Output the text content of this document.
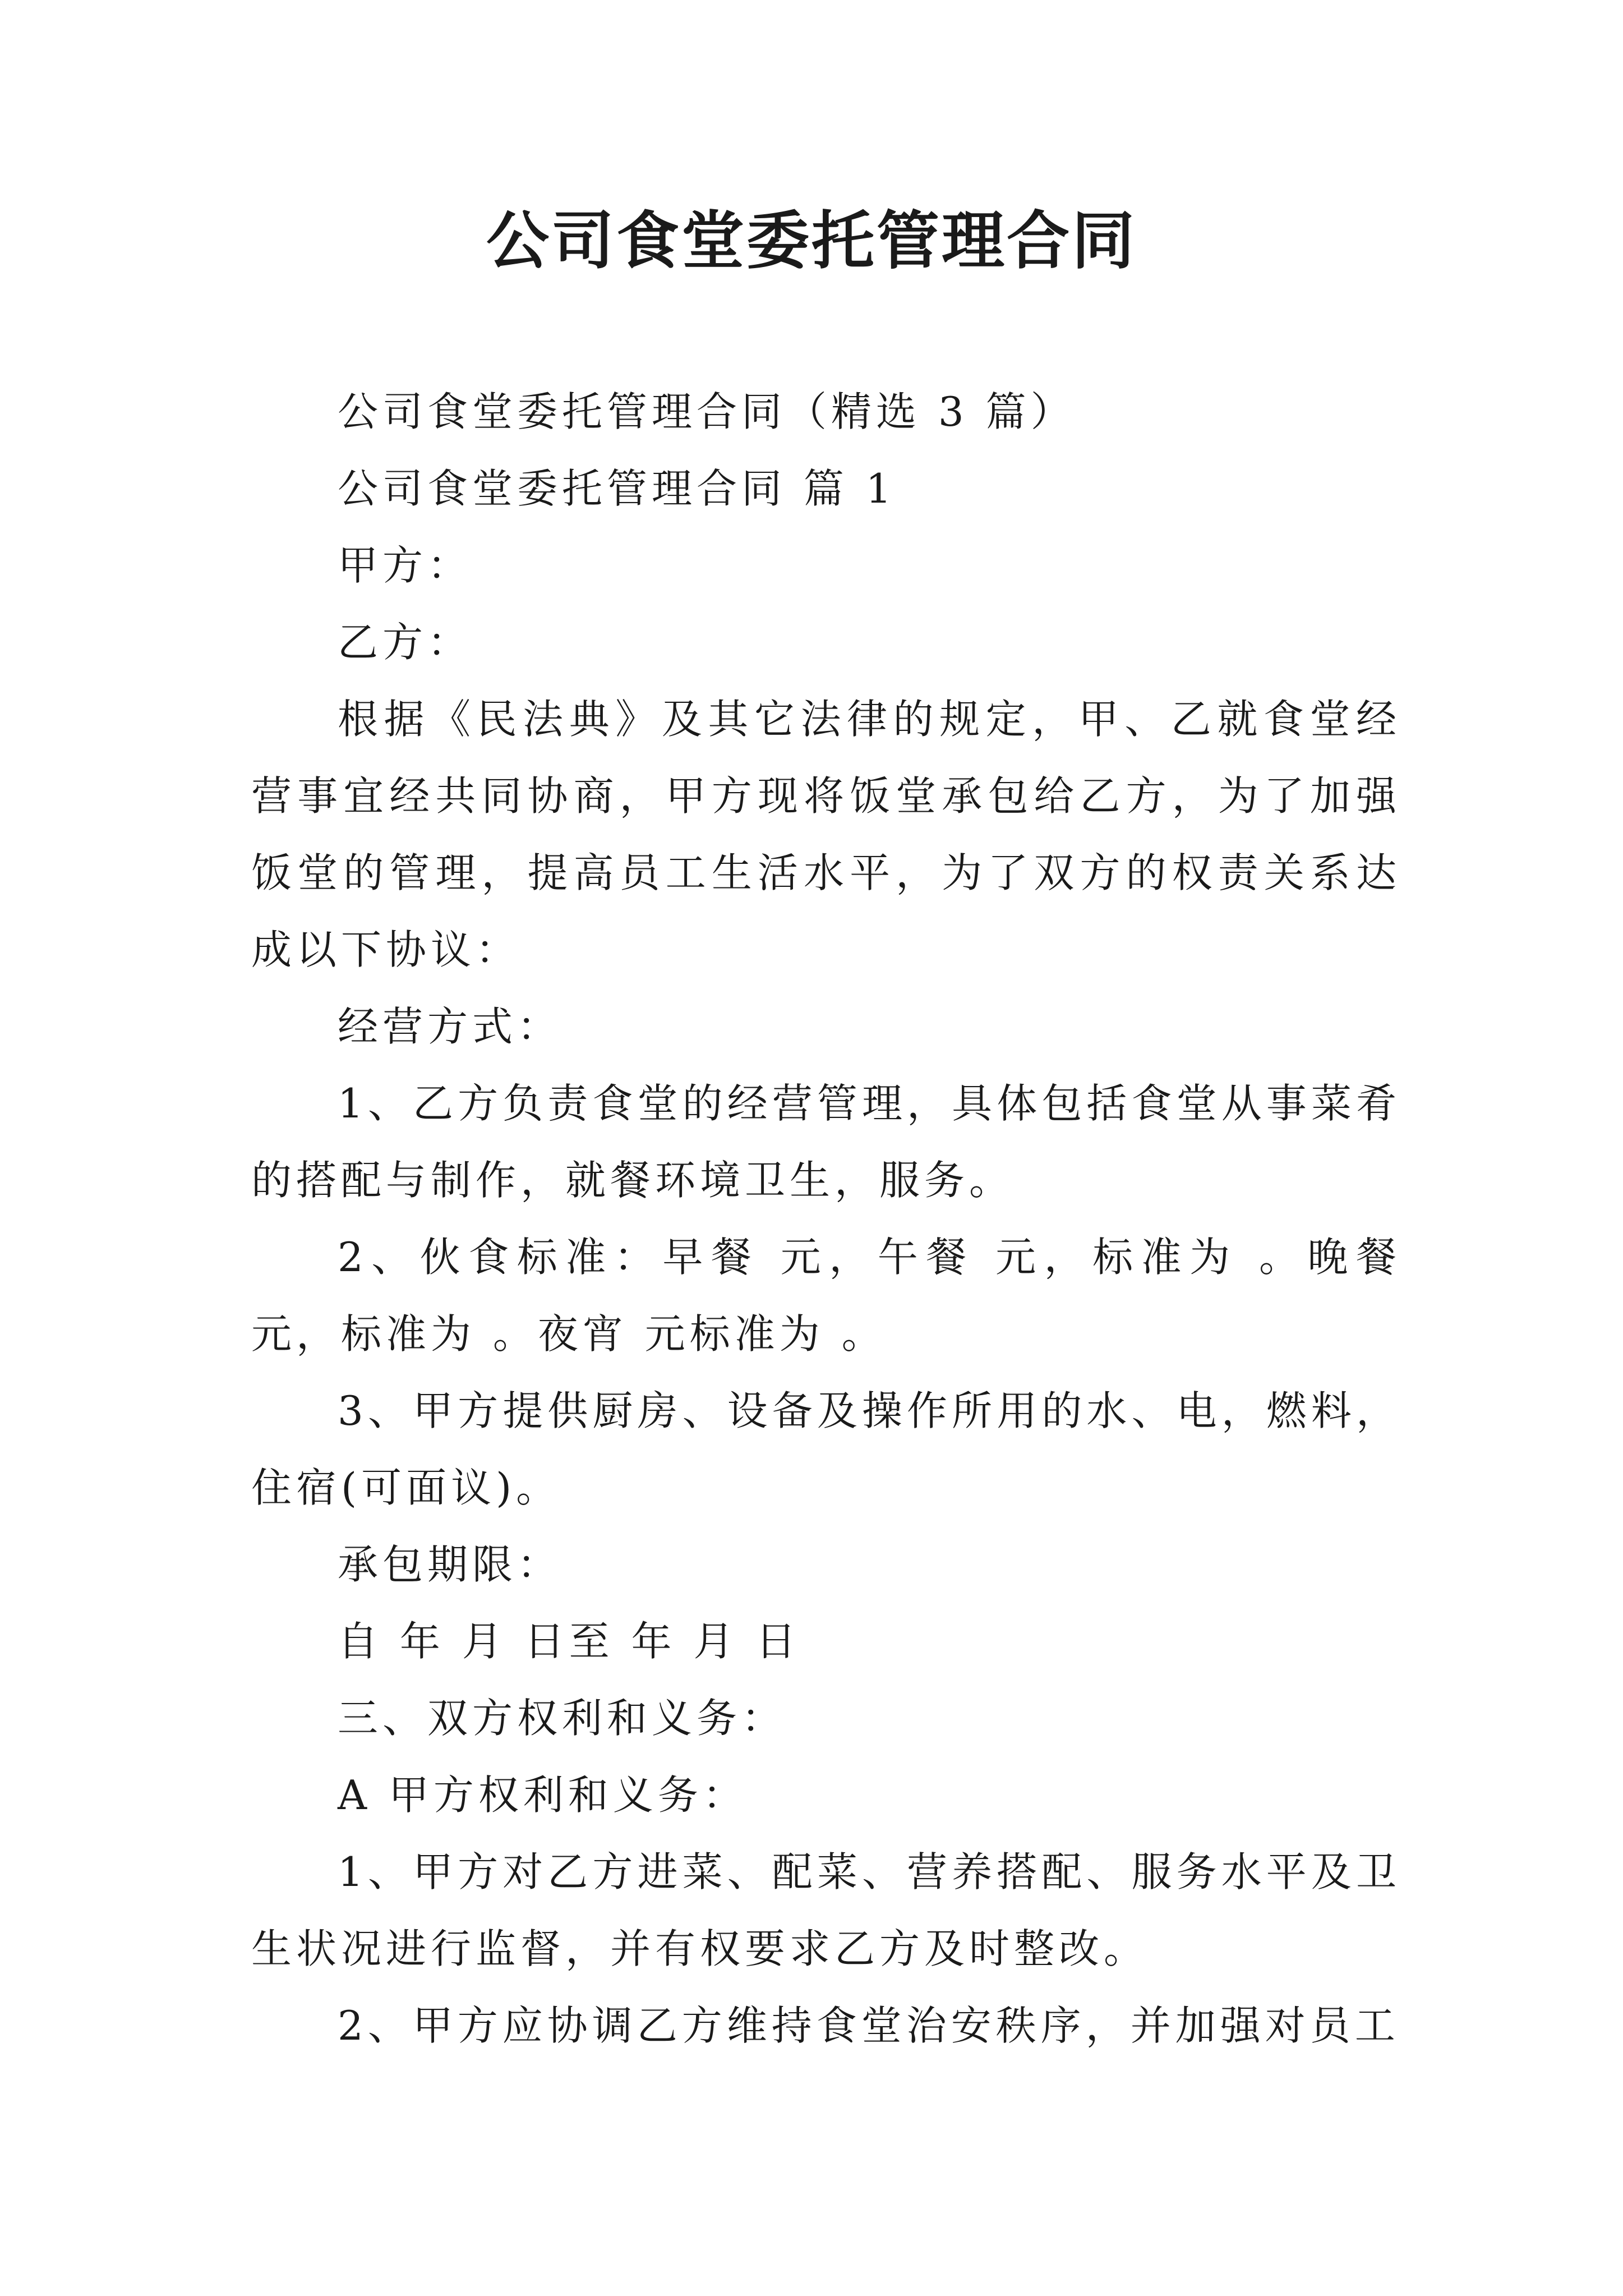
公司食堂委托管理合同

公司食堂委托管理合同（精选 3 篇）

公司食堂委托管理合同 篇 1

甲方：

乙方：

根据《民法典》及其它法律的规定，甲、乙就食堂经营事宜经共同协商，甲方现将饭堂承包给乙方，为了加强饭堂的管理，提高员工生活水平，为了双方的权责关系达成以下协议：

经营方式：

1、乙方负责食堂的经营管理，具体包括食堂从事菜肴的搭配与制作，就餐环境卫生，服务。

2、伙食标准：早餐 元，午餐 元，标准为 。晚餐 元，标准为 。夜宵 元标准为 。

3、甲方提供厨房、设备及操作所用的水、电，燃料，住宿(可面议)。

承包期限：

自 年 月 日至 年 月 日

三、双方权利和义务：

A 甲方权利和义务：

1、甲方对乙方进菜、配菜、营养搭配、服务水平及卫生状况进行监督，并有权要求乙方及时整改。

2、甲方应协调乙方维持食堂治安秩序，并加强对员工
